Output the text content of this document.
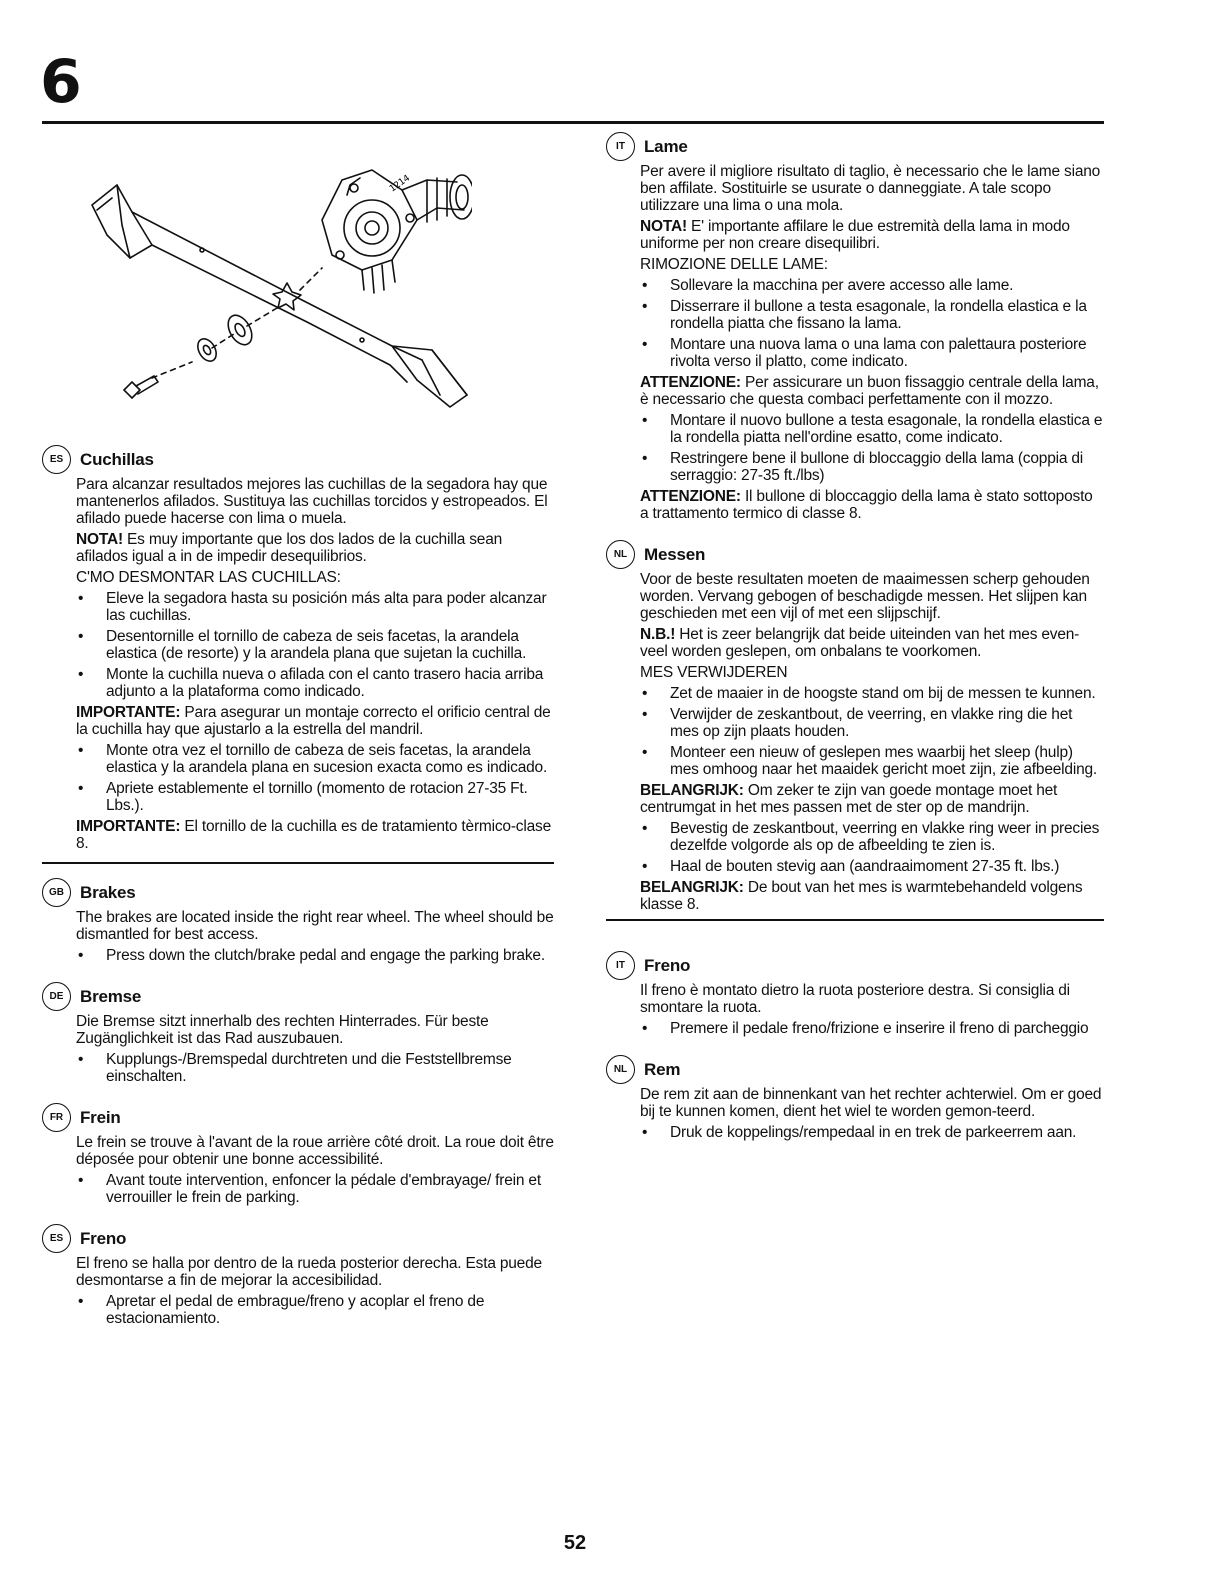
6
1214
ES Cuchillas

Para alcanzar resultados mejores las cuchillas de la segadora hay que mantenerlos afilados. Sustituya las cuchillas torcidos y estropeados. El afilado puede hacerse con lima o muela.

NOTA! Es muy importante que los dos lados de la cuchilla sean afilados igual a in de impedir desequilibrios.

C'MO DESMONTAR LAS CUCHILLAS:

• Eleve la segadora hasta su posición más alta para poder alcanzar las cuchillas.
• Desentornille el tornillo de cabeza de seis facetas, la arandela elastica (de resorte) y la arandela plana que sujetan la cuchilla.
• Monte la cuchilla nueva o afilada con el canto trasero hacia arriba adjunto a la plataforma como indicado.

IMPORTANTE: Para asegurar un montaje correcto el orificio central de la cuchilla hay que ajustarlo a la estrella del mandril.

• Monte otra vez el tornillo de cabeza de seis facetas, la arandela elastica y la arandela plana en sucesion exacta como es indicado.
• Apriete establemente el tornillo (momento de rotacion 27-35 Ft. Lbs.).

IMPORTANTE: El tornillo de la cuchilla es de tratamiento tèrmico-clase 8.

GB Brakes

The brakes are located inside the right rear wheel. The wheel should be dismantled for best access.

• Press down the clutch/brake pedal and engage the parking brake.
DE Bremse

Die Bremse sitzt innerhalb des rechten Hinterrades. Für beste Zugänglichkeit ist das Rad auszubauen.

• Kupplungs-/Bremspedal durchtreten und die Feststellbremse einschalten.
FR Frein

Le frein se trouve à l'avant de la roue arrière côté droit. La roue doit être déposée pour obtenir une bonne accessibilité.

• Avant toute intervention, enfoncer la pédale d'embrayage/ frein et verrouiller le frein de parking.
ES Freno

El freno se halla por dentro de la rueda posterior derecha. Esta puede desmontarse a fin de mejorar la accesibilidad.

• Apretar el pedal de embrague/freno y acoplar el freno de estacionamiento.
IT	Lame

Per avere il migliore risultato di taglio, è necessario che le lame siano ben affilate. Sostituirle se usurate o danneggiate. A tale scopo utilizzare una lima o una mola.

NOTA! E' importante affilare le due estremità della lama in modo uniforme per non creare disequilibri.

RIMOZIONE DELLE LAME:

• Sollevare la macchina per avere accesso alle lame.
• Disserrare il bullone a testa esagonale, la rondella elastica e la rondella piatta che fissano la lama.
• Montare una nuova lama o una lama con palettaura posteriore rivolta verso il platto, come indicato.

ATTENZIONE: Per assicurare un buon fissaggio centrale della lama, è necessario che questa combaci perfettamente con il mozzo.

• Montare il nuovo bullone a testa esagonale, la rondella elastica e la rondella piatta nell'ordine esatto, come indicato.
• Restringere bene il bullone di bloccaggio della lama (coppia di serraggio: 27-35 ft./lbs)

ATTENZIONE: Il bullone di bloccaggio della lama è stato sottoposto a trattamento termico di classe 8.

NL Messen

Voor de beste resultaten moeten de maaimessen scherp gehouden worden. Vervang gebogen of beschadigde messen. Het slijpen kan geschieden met een vijl of met een slijpschijf.

N.B.! Het is zeer belangrijk dat beide uiteinden van het mes even-veel worden geslepen, om onbalans te voorkomen.

MES VERWIJDEREN

• Zet de maaier in de hoogste stand om bij de messen te kunnen.
• Verwijder de zeskantbout, de veerring, en vlakke ring die het mes op zijn plaats houden.
• Monteer een nieuw of geslepen mes waarbij het sleep (hulp) mes omhoog naar het maaidek gericht moet zijn, zie afbeelding.

BELANGRIJK: Om zeker te zijn van goede montage moet het centrumgat in het mes passen met de ster op de mandrijn.

• Bevestig de zeskantbout, veerring en vlakke ring weer in precies dezelfde volgorde als op de afbeelding te zien is.
• Haal de bouten stevig aan (aandraaimoment 27-35 ft. lbs.)

BELANGRIJK: De bout van het mes is warmtebehandeld volgens klasse 8.

IT	Freno

Il freno è montato dietro la ruota posteriore destra. Si consiglia di smontare la ruota.

• Premere il pedale freno/frizione e inserire il freno di parcheggio
NL Rem

De rem zit aan de binnenkant van het rechter achterwiel. Om er goed bij te kunnen komen, dient het wiel te worden gemon-teerd.

• Druk de koppelings/rempedaal in en trek de parkeerrem aan.
52
